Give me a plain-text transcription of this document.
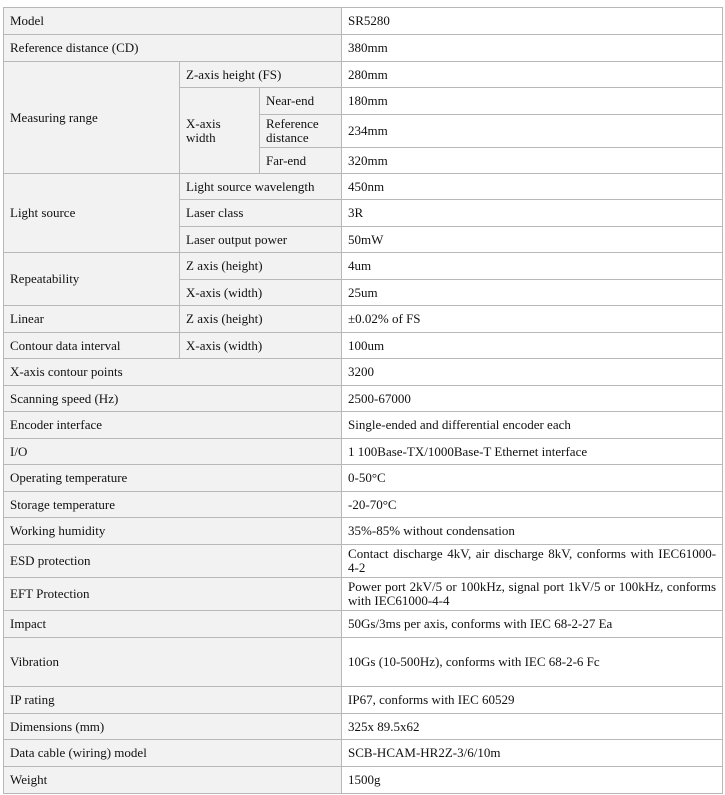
Model			SR5280
Reference distance (CD)			380mm
Measuring range	Z-axis height (FS)		280mm
	X-axis width	Near-end	180mm
		Reference distance	234mm
		Far-end	320mm
Light source	Light source wavelength		450nm
	Laser class		3R
	Laser output power		50mW
Repeatability	Z axis (height)		4um
	X-axis (width)		25um
Linear	Z axis (height)		±0.02% of FS
Contour data interval	X-axis (width)		100um
X-axis contour points			3200
Scanning speed (Hz)			2500-67000
Encoder interface			Single-ended and differential encoder each
I/O			1 100Base-TX/1000Base-T Ethernet interface
Operating temperature			0-50°C
Storage temperature			-20-70°C
Working humidity			35%-85% without condensation
ESD protection			Contact discharge 4kV, air discharge 8kV, conforms with IEC61000-4-2
EFT Protection			Power port 2kV/5 or 100kHz, signal port 1kV/5 or 100kHz, conforms with IEC61000-4-4
Impact			50Gs/3ms per axis, conforms with IEC 68-2-27 Ea
Vibration			10Gs (10-500Hz), conforms with IEC 68-2-6 Fc
IP rating			IP67, conforms with IEC 60529
Dimensions (mm)			325x 89.5x62
Data cable (wiring) model			SCB-HCAM-HR2Z-3/6/10m
Weight			1500g
